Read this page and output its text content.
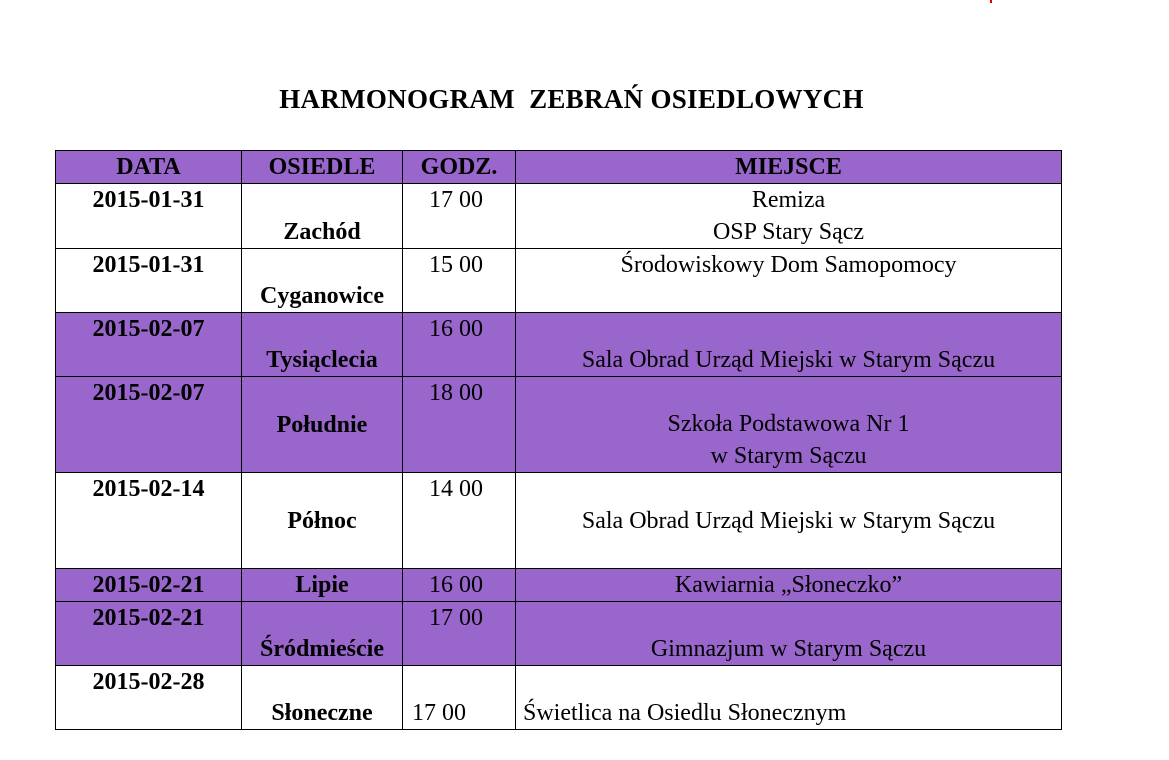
HARMONOGRAM  ZEBRAŃ OSIEDLOWYCH
DATA	OSIEDLE	GODZ.	MIEJSCE
2015-01-31	Zachód	17 00	Remiza
OSP Stary Sącz

2015-01-31	Cyganowice	15 00	Środowiskowy Dom Samopomocy

2015-02-07	Tysiąclecia	16 00	Sala Obrad Urząd Miejski w Starym Sączu

2015-02-07	Południe	18 00	Szkoła Podstawowa Nr 1
w Starym Sączu

2015-02-14	Północ	14 00	Sala Obrad Urząd Miejski w Starym Sączu

2015-02-21	Lipie	16 00	Kawiarnia „Słoneczko”

2015-02-21	Śródmieście	17 00	Gimnazjum w Starym Sączu

2015-02-28	Słoneczne	17 00	Świetlica na Osiedlu Słonecznym
